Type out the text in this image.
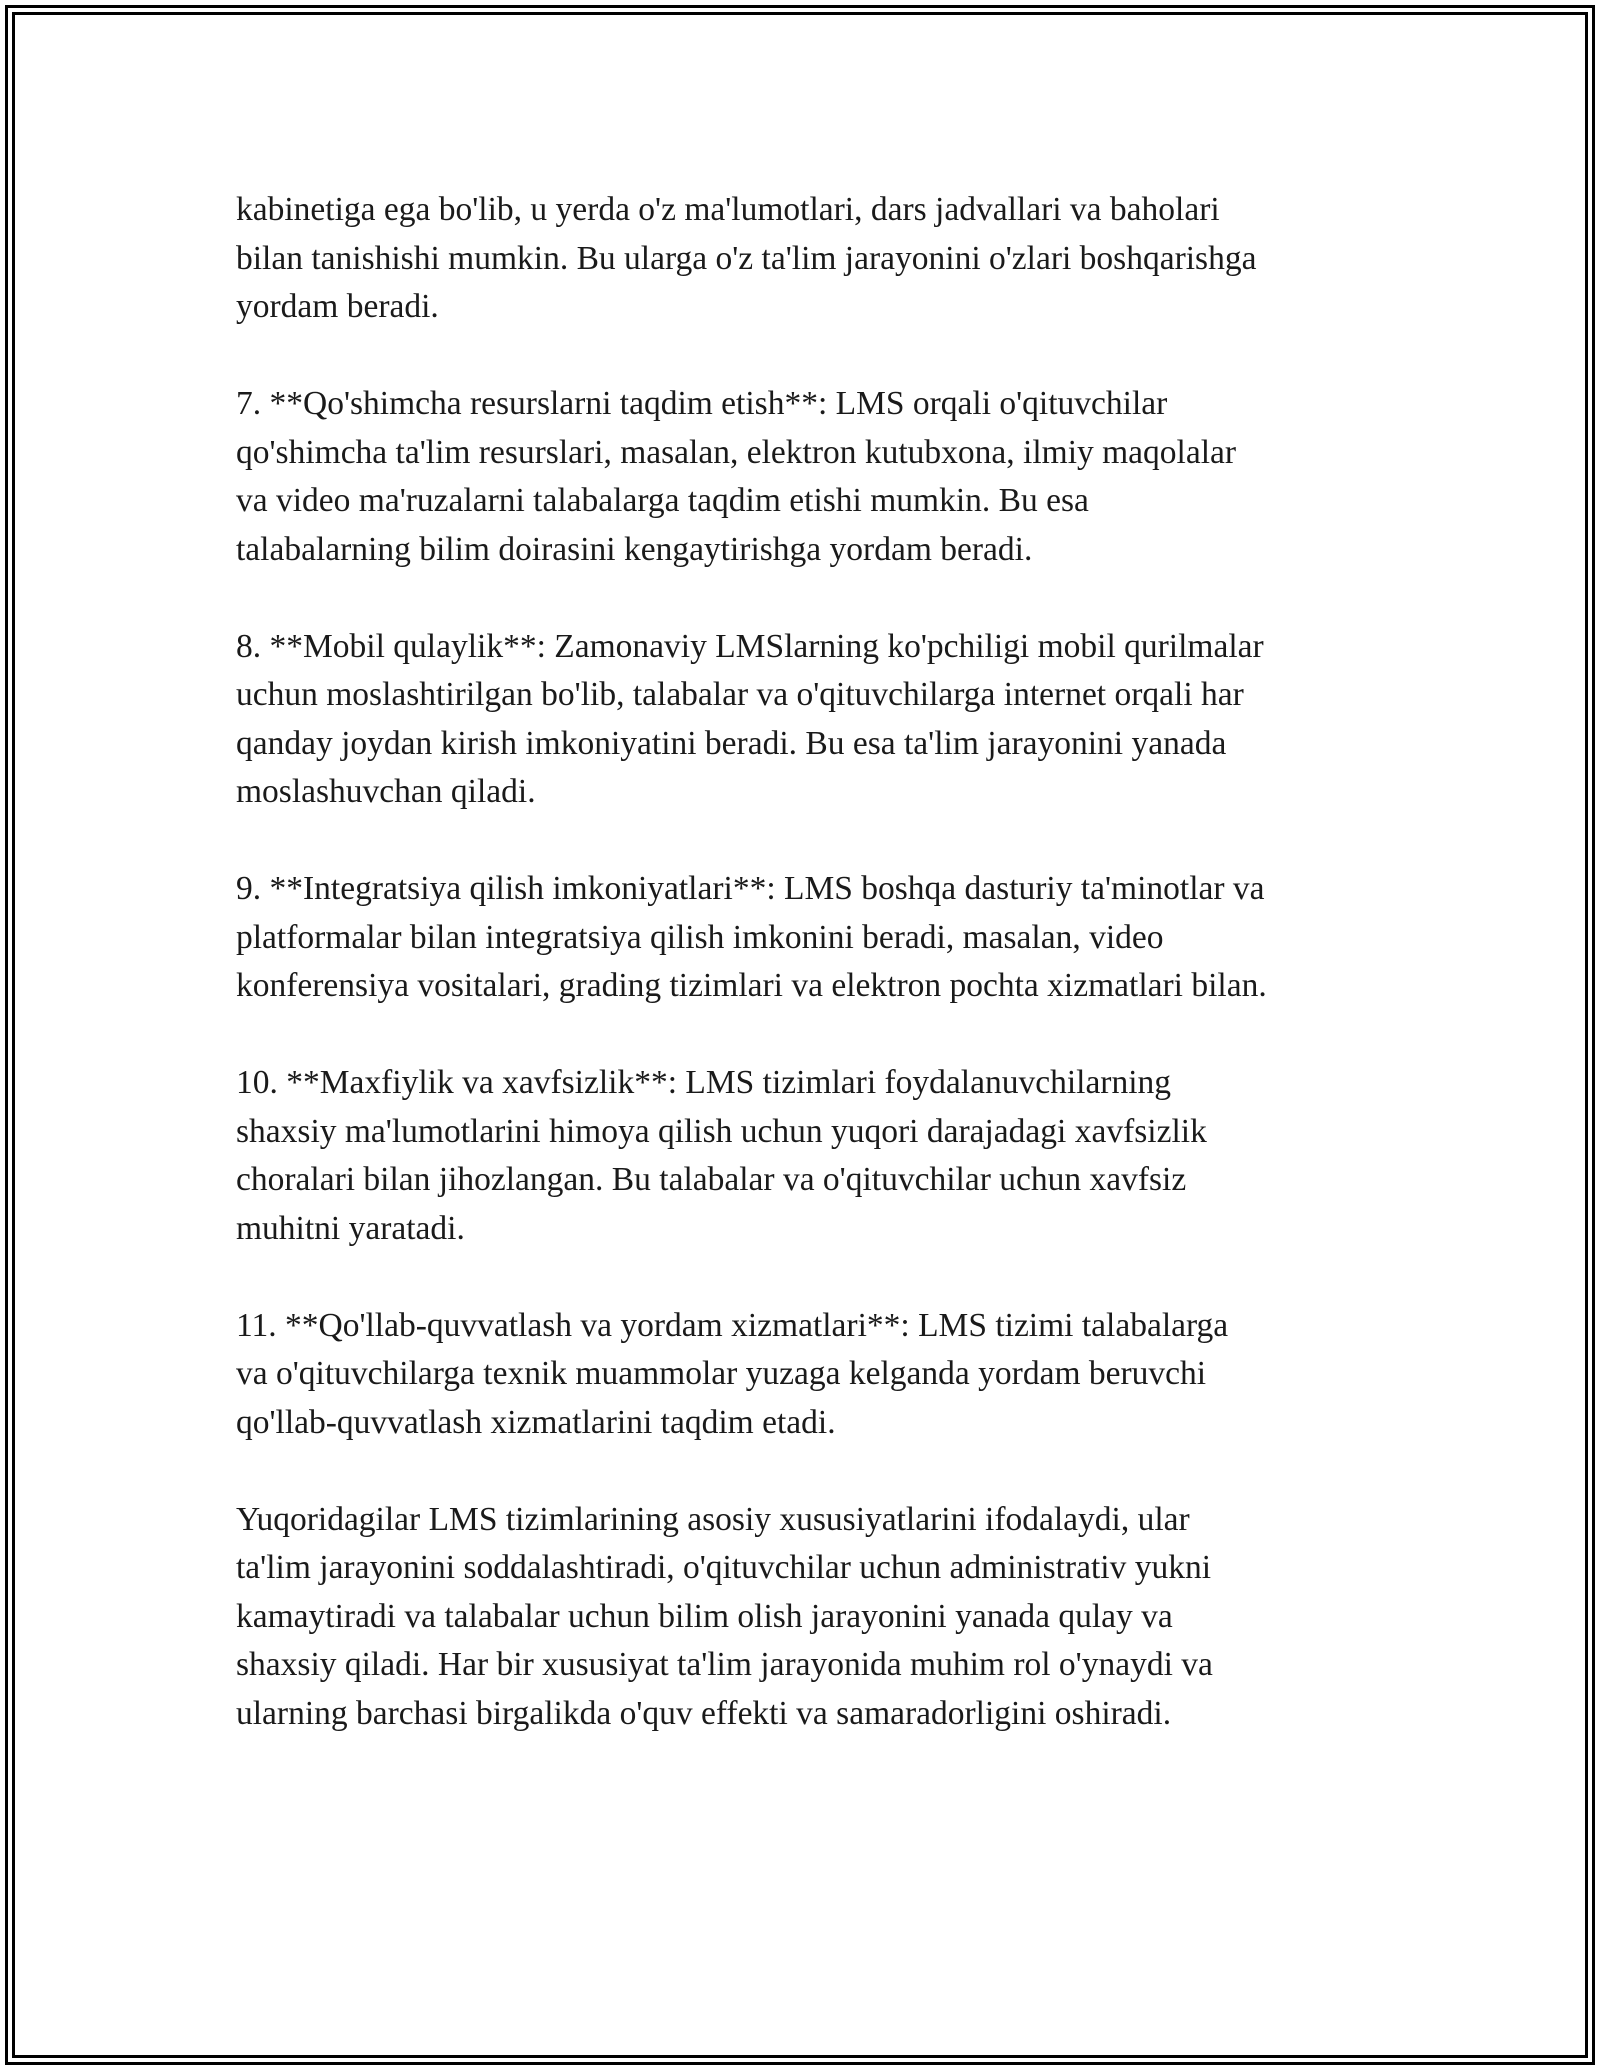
kabinetiga ega bo'lib, u yerda o'z ma'lumotlari, dars jadvallari va baholari
bilan tanishishi mumkin. Bu ularga o'z ta'lim jarayonini o'zlari boshqarishga
yordam beradi.

7. **Qo'shimcha resurslarni taqdim etish**: LMS orqali o'qituvchilar
qo'shimcha ta'lim resurslari, masalan, elektron kutubxona, ilmiy maqolalar
va video ma'ruzalarni talabalarga taqdim etishi mumkin. Bu esa
talabalarning bilim doirasini kengaytirishga yordam beradi.

8. **Mobil qulaylik**: Zamonaviy LMSlarning ko'pchiligi mobil qurilmalar
uchun moslashtirilgan bo'lib, talabalar va o'qituvchilarga internet orqali har
qanday joydan kirish imkoniyatini beradi. Bu esa ta'lim jarayonini yanada
moslashuvchan qiladi.

9. **Integratsiya qilish imkoniyatlari**: LMS boshqa dasturiy ta'minotlar va
platformalar bilan integratsiya qilish imkonini beradi, masalan, video
konferensiya vositalari, grading tizimlari va elektron pochta xizmatlari bilan.

10. **Maxfiylik va xavfsizlik**: LMS tizimlari foydalanuvchilarning
shaxsiy ma'lumotlarini himoya qilish uchun yuqori darajadagi xavfsizlik
choralari bilan jihozlangan. Bu talabalar va o'qituvchilar uchun xavfsiz
muhitni yaratadi.

11. **Qo'llab-quvvatlash va yordam xizmatlari**: LMS tizimi talabalarga
va o'qituvchilarga texnik muammolar yuzaga kelganda yordam beruvchi
qo'llab-quvvatlash xizmatlarini taqdim etadi.

Yuqoridagilar LMS tizimlarining asosiy xususiyatlarini ifodalaydi, ular
ta'lim jarayonini soddalashtiradi, o'qituvchilar uchun administrativ yukni
kamaytiradi va talabalar uchun bilim olish jarayonini yanada qulay va
shaxsiy qiladi. Har bir xususiyat ta'lim jarayonida muhim rol o'ynaydi va
ularning barchasi birgalikda o'quv effekti va samaradorligini oshiradi.
